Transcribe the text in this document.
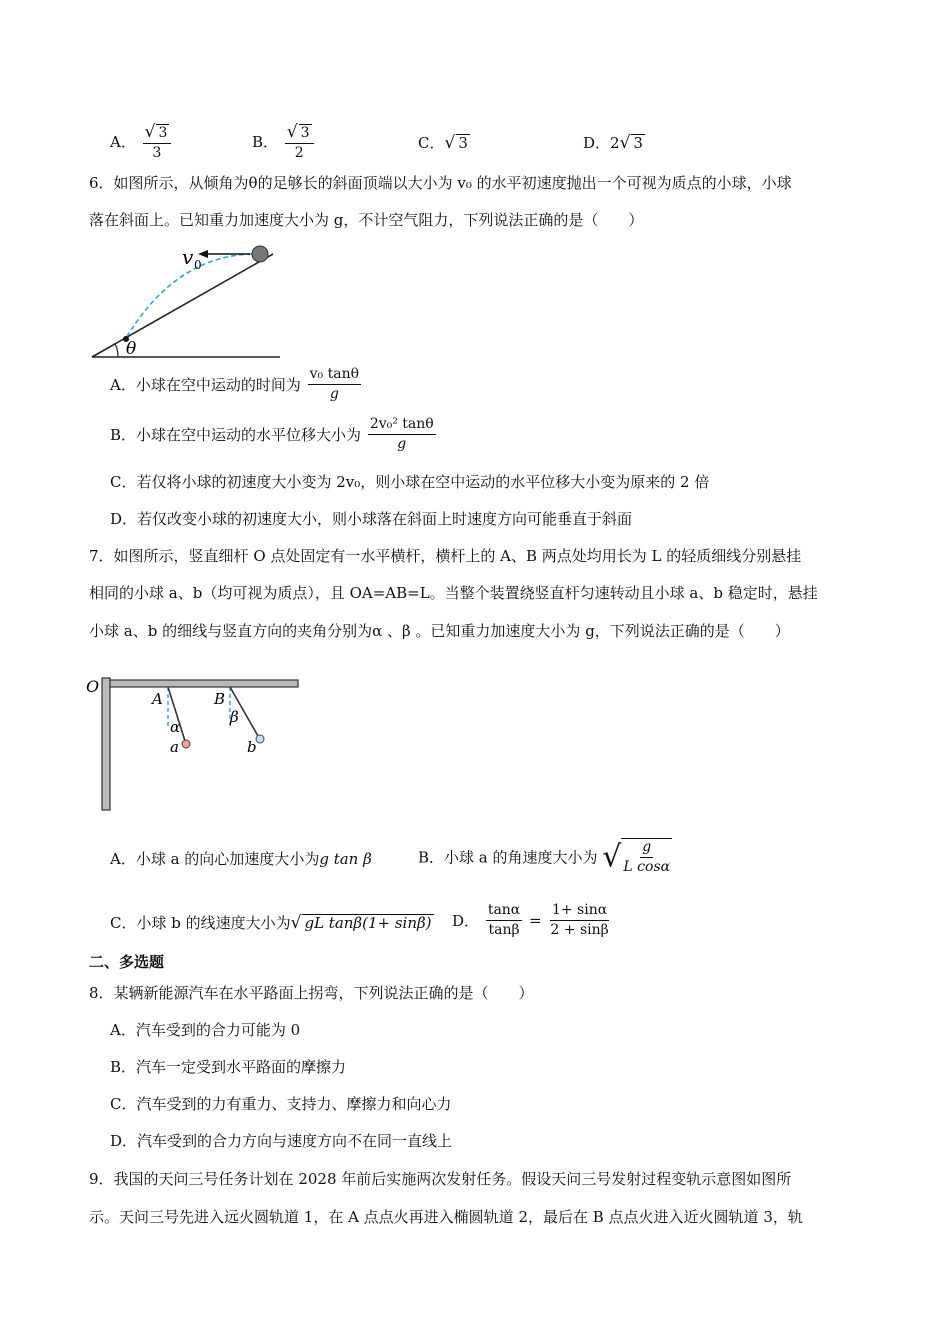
A． $\frac{√ 3}{3}$	B． $\frac{√ 3}{2}$	C．√ 3	D．2√ 3
6．如图所示，从倾角为θ的足够长的斜面顶端以大小为 v₀ 的水平初速度抛出一个可视为质点的小球，小球
落在斜面上。已知重力加速度大小为 g，不计空气阻力，下列说法正确的是（　　）
v 0
θ
A．小球在空中运动的时间为 $\frac{\text{v₀ tanθ}}{g}$
B．小球在空中运动的水平位移大小为 $\frac{\text{2v₀² tanθ}}{g}$
C．若仅将小球的初速度大小变为 2v₀，则小球在空中运动的水平位移大小变为原来的 2 倍
D．若仅改变小球的初速度大小，则小球落在斜面上时速度方向可能垂直于斜面
7．如图所示，竖直细杆 O 点处固定有一水平横杆，横杆上的 A、B 两点处均用长为 L 的轻质细线分别悬挂
相同的小球 a、b（均可视为质点），且 OA=AB=L。当整个装置绕竖直杆匀速转动且小球 a、b 稳定时，悬挂
小球 a、b 的细线与竖直方向的夹角分别为α 、β 。已知重力加速度大小为 g，下列说法正确的是（　　）
O
A	B
α
β
a	b
A．小球 a 的向心加速度大小为g tan β	B．小球 a 的角速度大小为 √ $\frac{g}{\text{L cosα}}$
C．小球 b 的线速度大小为√ gL tanβ(1+ sinβ) D． $\frac{\tan\alpha}{\tan\beta} = \frac{1+ \sin\alpha}{2 + \sin\beta}$
二、多选题
8．某辆新能源汽车在水平路面上拐弯，下列说法正确的是（　　）
A．汽车受到的合力可能为 0
B．汽车一定受到水平路面的摩擦力
C．汽车受到的力有重力、支持力、摩擦力和向心力
D．汽车受到的合力方向与速度方向不在同一直线上
9．我国的天问三号任务计划在 2028 年前后实施两次发射任务。假设天问三号发射过程变轨示意图如图所
示。天问三号先进入远火圆轨道 1，在 A 点点火再进入椭圆轨道 2，最后在 B 点点火进入近火圆轨道 3，轨
